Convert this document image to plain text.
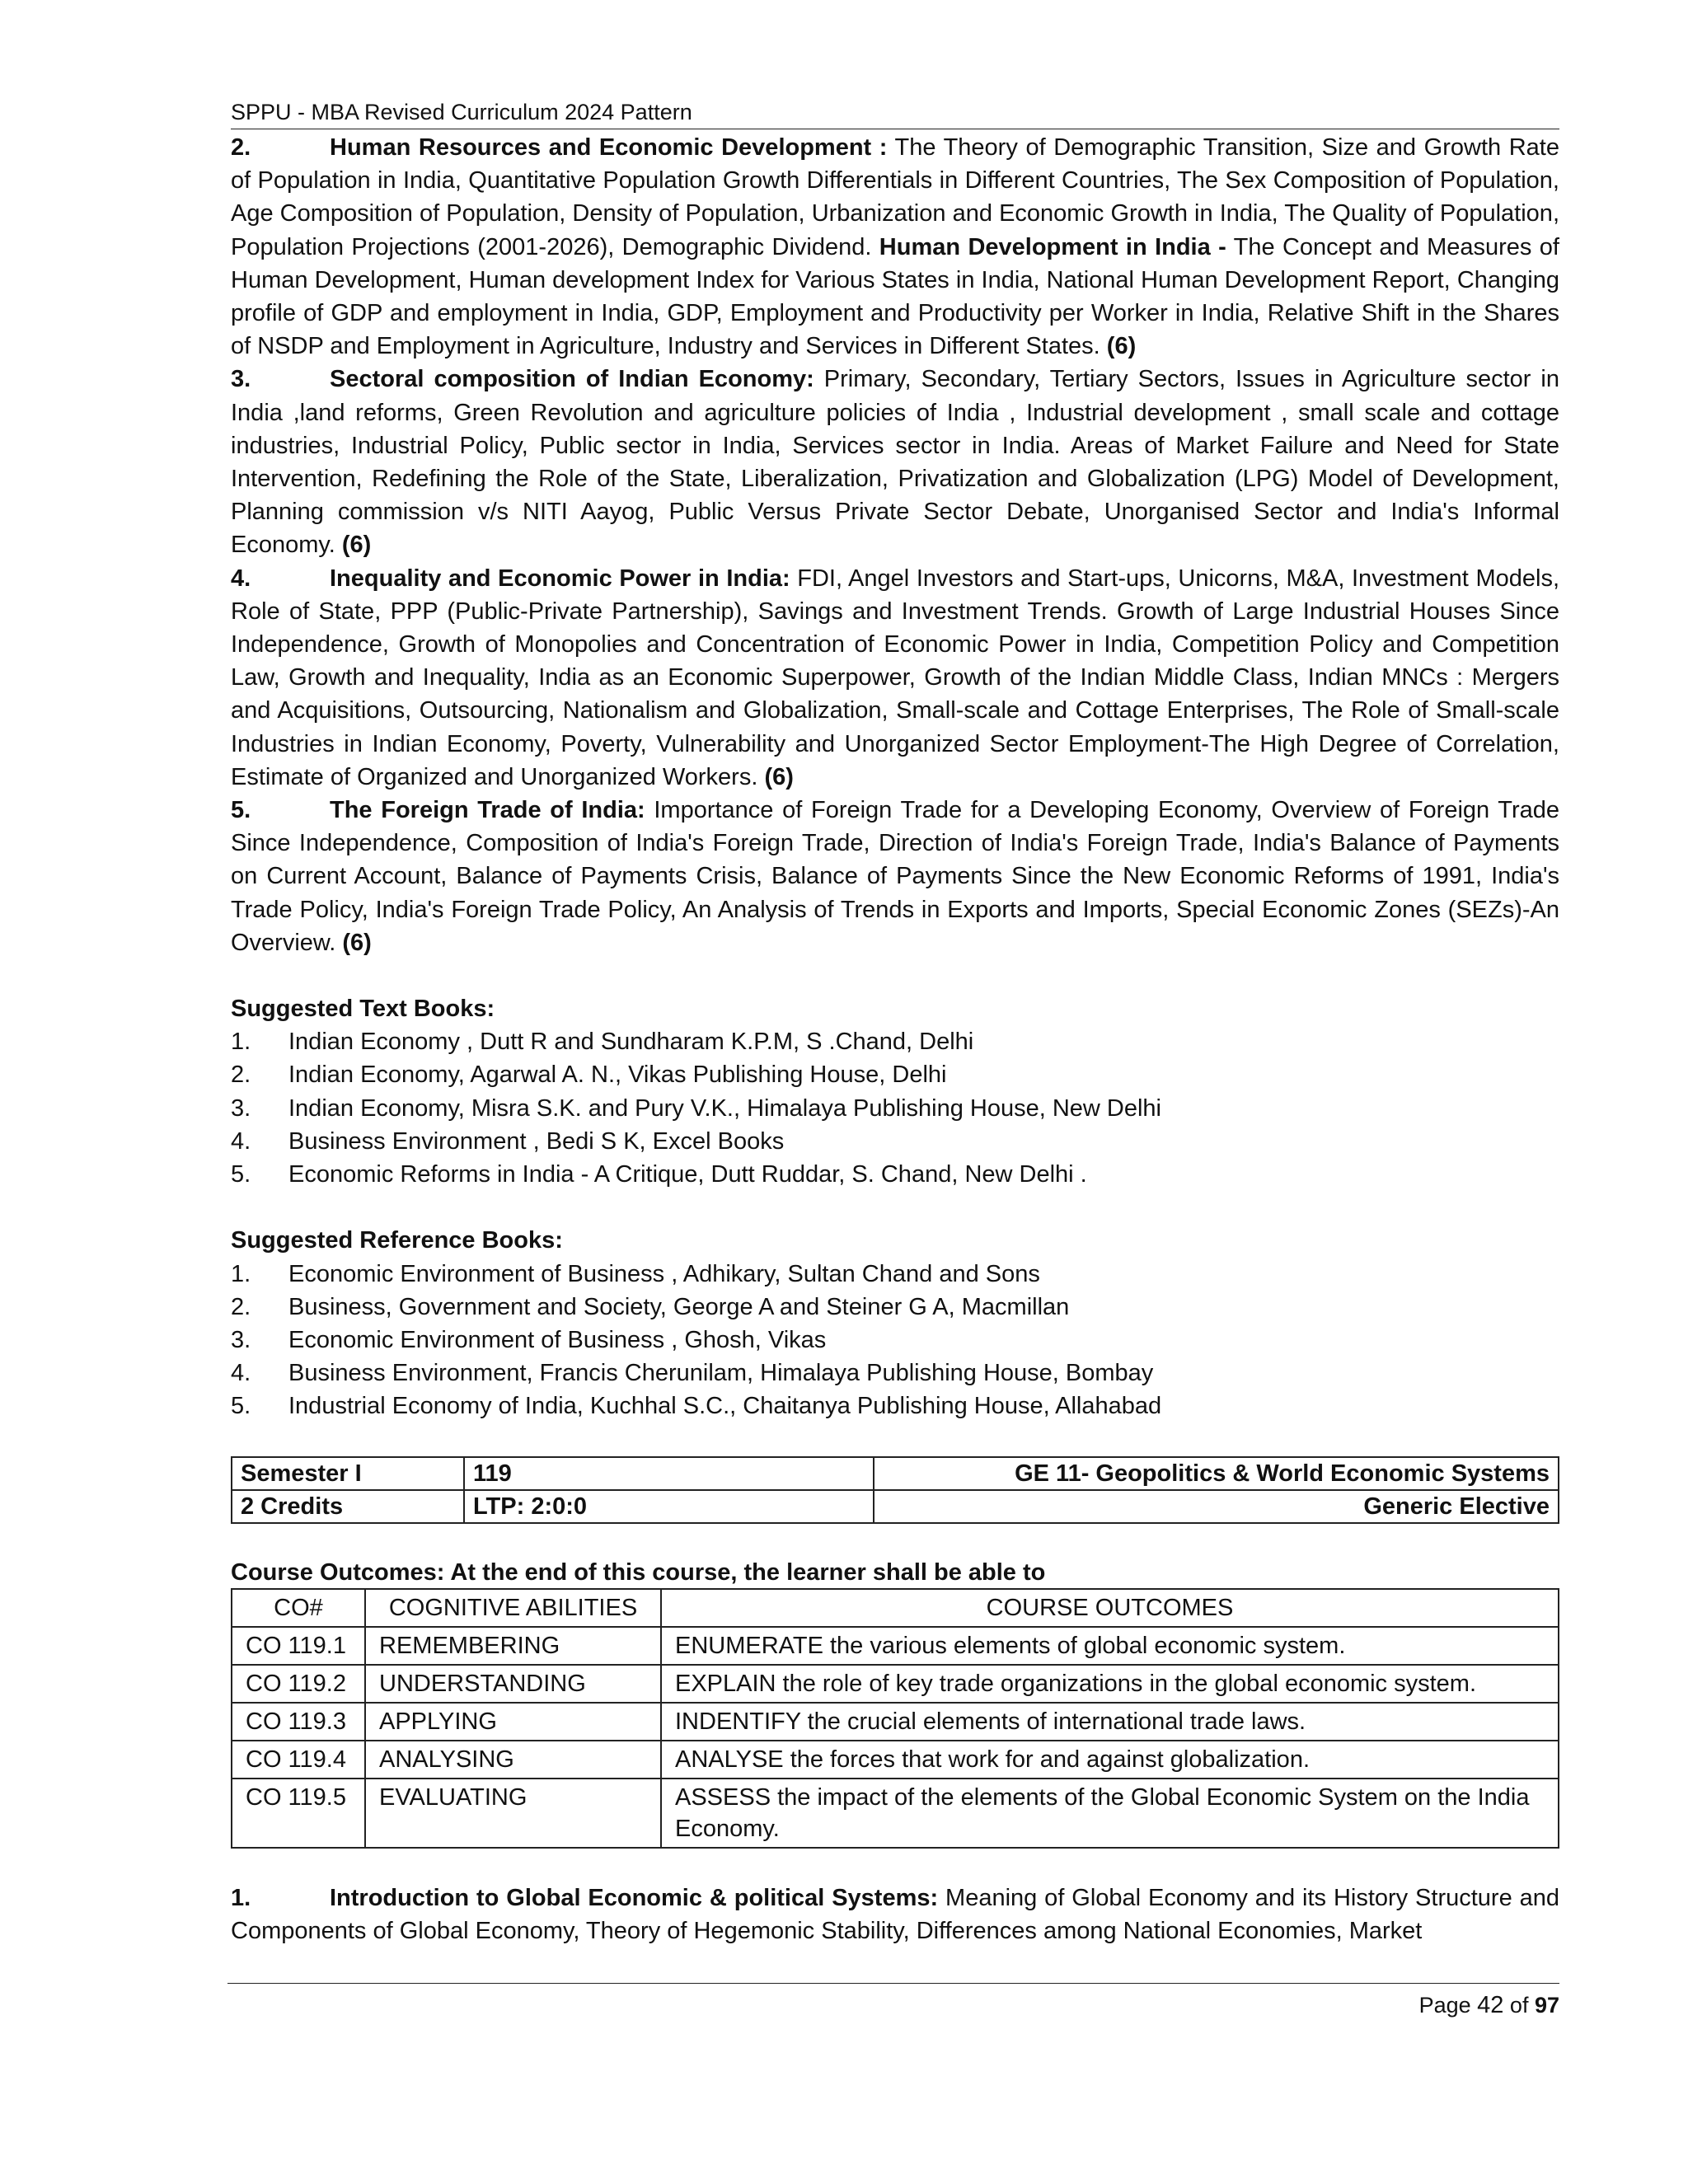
SPPU - MBA Revised Curriculum 2024 Pattern

2.	Human Resources and Economic Development : The Theory of Demographic Transition, Size and Growth Rate of Population in India, Quantitative Population Growth Differentials in Different Countries, The Sex Composition of Population, Age Composition of Population, Density of Population, Urbanization and Economic Growth in India, The Quality of Population, Population Projections (2001-2026), Demographic Dividend. Human Development in India - The Concept and Measures of Human Development, Human development Index for Various States in India, National Human Development Report, Changing profile of GDP and employment in India, GDP, Employment and Productivity per Worker in India, Relative Shift in the Shares of NSDP and Employment in Agriculture, Industry and Services in Different States. (6)

3.	Sectoral composition of Indian Economy: Primary, Secondary, Tertiary Sectors, Issues in Agriculture sector in India ,land reforms, Green Revolution and agriculture policies of India , Industrial development , small scale and cottage industries, Industrial Policy, Public sector in India, Services sector in India. Areas of Market Failure and Need for State Intervention, Redefining the Role of the State, Liberalization, Privatization and Globalization (LPG) Model of Development, Planning commission v/s NITI Aayog, Public Versus Private Sector Debate, Unorganised Sector and India's Informal Economy. (6)

4.	Inequality and Economic Power in India: FDI, Angel Investors and Start-ups, Unicorns, M&A, Investment Models, Role of State, PPP (Public-Private Partnership), Savings and Investment Trends. Growth of Large Industrial Houses Since Independence, Growth of Monopolies and Concentration of Economic Power in India, Competition Policy and Competition Law, Growth and Inequality, India as an Economic Superpower, Growth of the Indian Middle Class, Indian MNCs : Mergers and Acquisitions, Outsourcing, Nationalism and Globalization, Small-scale and Cottage Enterprises, The Role of Small-scale Industries in Indian Economy, Poverty, Vulnerability and Unorganized Sector Employment-The High Degree of Correlation, Estimate of Organized and Unorganized Workers. (6)

5.	The Foreign Trade of India: Importance of Foreign Trade for a Developing Economy, Overview of Foreign Trade Since Independence, Composition of India's Foreign Trade, Direction of India's Foreign Trade, India's Balance of Payments on Current Account, Balance of Payments Crisis, Balance of Payments Since the New Economic Reforms of 1991, India's Trade Policy, India's Foreign Trade Policy, An Analysis of Trends in Exports and Imports, Special Economic Zones (SEZs)-An Overview. (6)

Suggested Text Books:
1.	Indian Economy , Dutt R and Sundharam K.P.M, S .Chand, Delhi
2.	Indian Economy, Agarwal A. N., Vikas Publishing House, Delhi
3.	Indian Economy, Misra S.K. and Pury V.K., Himalaya Publishing House, New Delhi
4.	Business Environment , Bedi S K, Excel Books
5.	Economic Reforms in India - A Critique, Dutt Ruddar, S. Chand, New Delhi .
Suggested Reference Books:
1.	Economic Environment of Business , Adhikary, Sultan Chand and Sons
2.	Business, Government and Society, George A and Steiner G A, Macmillan
3.	Economic Environment of Business , Ghosh, Vikas
4.	Business Environment, Francis Cherunilam, Himalaya Publishing House, Bombay
5.	Industrial Economy of India, Kuchhal S.C., Chaitanya Publishing House, Allahabad
Semester I	119	GE 11- Geopolitics & World Economic Systems
2 Credits	LTP: 2:0:0	Generic Elective
Course Outcomes: At the end of this course, the learner shall be able to
CO#	COGNITIVE ABILITIES	COURSE OUTCOMES
CO 119.1	REMEMBERING	ENUMERATE the various elements of global economic system.
CO 119.2	UNDERSTANDING	EXPLAIN the role of key trade organizations in the global economic system.
CO 119.3	APPLYING	INDENTIFY the crucial elements of international trade laws.
CO 119.4	ANALYSING	ANALYSE the forces that work for and against globalization.
CO 119.5	EVALUATING	ASSESS the impact of the elements of the Global Economic System on the India Economy.

1.	Introduction to Global Economic & political Systems: Meaning of Global Economy and its History Structure and Components of Global Economy, Theory of Hegemonic Stability, Differences among National Economies, Market

Page 42 of 97
